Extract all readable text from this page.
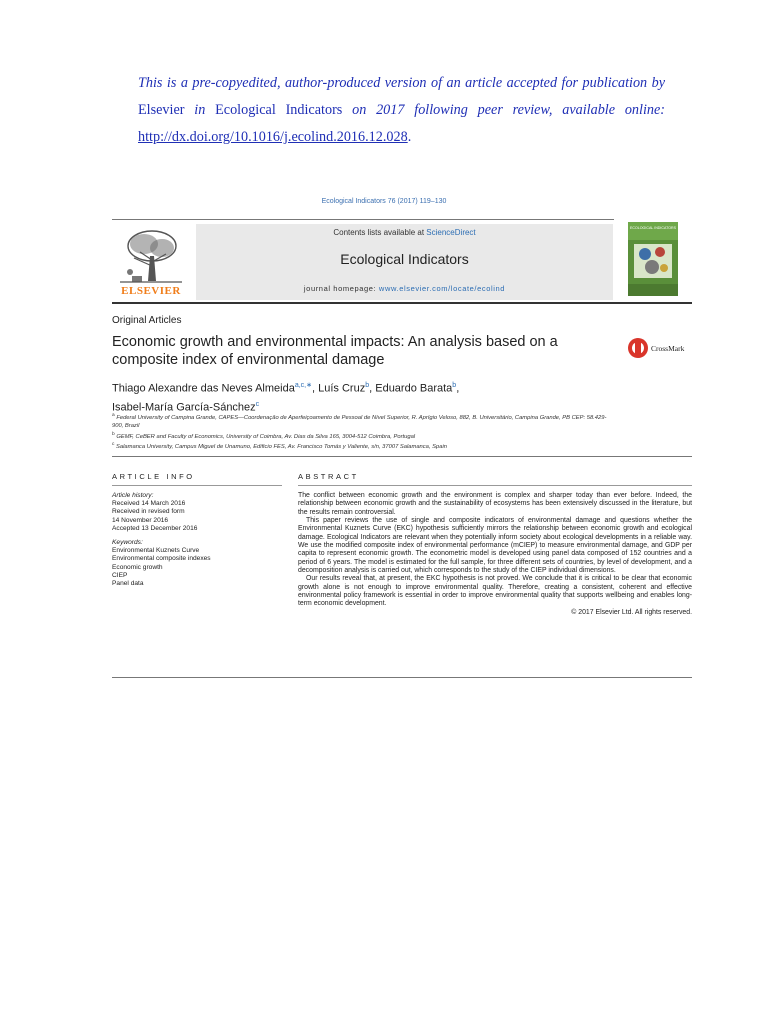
This is a pre-copyedited, author-produced version of an article accepted for publication by Elsevier in Ecological Indicators on 2017 following peer review, available online:
http://dx.doi.org/10.1016/j.ecolind.2016.12.028.
Ecological Indicators 76 (2017) 119–130
ELSEVIER
Contents lists available at ScienceDirect
Ecological Indicators
journal homepage: www.elsevier.com/locate/ecolind
ECOLOGICAL INDICATORS
Original Articles
Economic growth and environmental impacts: An analysis based on a composite index of environmental damage
CrossMark
Thiago Alexandre das Neves Almeida$^{a,c,∗}$, Luís Cruz$^b$, Eduardo Barata$^b$,
Isabel-María García-Sánchez$^c$
$^a$ Federal University of Campina Grande, CAPES—Coordenação de Aperfeiçoamento de Pessoal de Nível Superior, R. Aprígio Veloso, 882, B. Universitário, Campina Grande, PB CEP: 58.429-900, Brazil
$^b$ GEMF, CeBER and Faculty of Economics, University of Coimbra, Av. Dias da Silva 165, 3004-512 Coimbra, Portugal
$^c$ Salamanca University, Campus Miguel de Unamuno, Edificio FES, Av. Francisco Tomás y Valiente, s/n, 37007 Salamanca, Spain
ARTICLE INFO
Article history:
Received 14 March 2016
Received in revised form
14 November 2016
Accepted 13 December 2016
Keywords:
Environmental Kuznets Curve
Environmental composite indexes
Economic growth
CIEP
Panel data
ABSTRACT

The conflict between economic growth and the environment is complex and sharper today than ever before. Indeed, the relationship between economic growth and the sustainability of ecosystems has been extensively discussed in the literature, but the results remain controversial.

This paper reviews the use of single and composite indicators of environmental damage and questions whether the Environmental Kuznets Curve (EKC) hypothesis sufficiently mirrors the relationship between economic growth and ecological damage. Ecological Indicators are relevant when they potentially inform society about ecological developments in a reliable way. We use the modified composite index of environmental performance (mCIEP) to measure environmental damage, and GDP per capita to represent economic growth. The econometric model is developed using panel data composed of 152 countries and a period of 6 years. The model is estimated for the full sample, for three different sets of countries, by level of development, and a decomposition analysis is carried out, which corresponds to the study of the CIEP individual dimensions.

Our results reveal that, at present, the EKC hypothesis is not proved. We conclude that it is critical to be clear that economic growth alone is not enough to improve environmental quality. Therefore, creating a consistent, coherent and effective environmental policy framework is essential in order to improve environmental quality that supports wellbeing and enables long-term economic development.

© 2017 Elsevier Ltd. All rights reserved.
